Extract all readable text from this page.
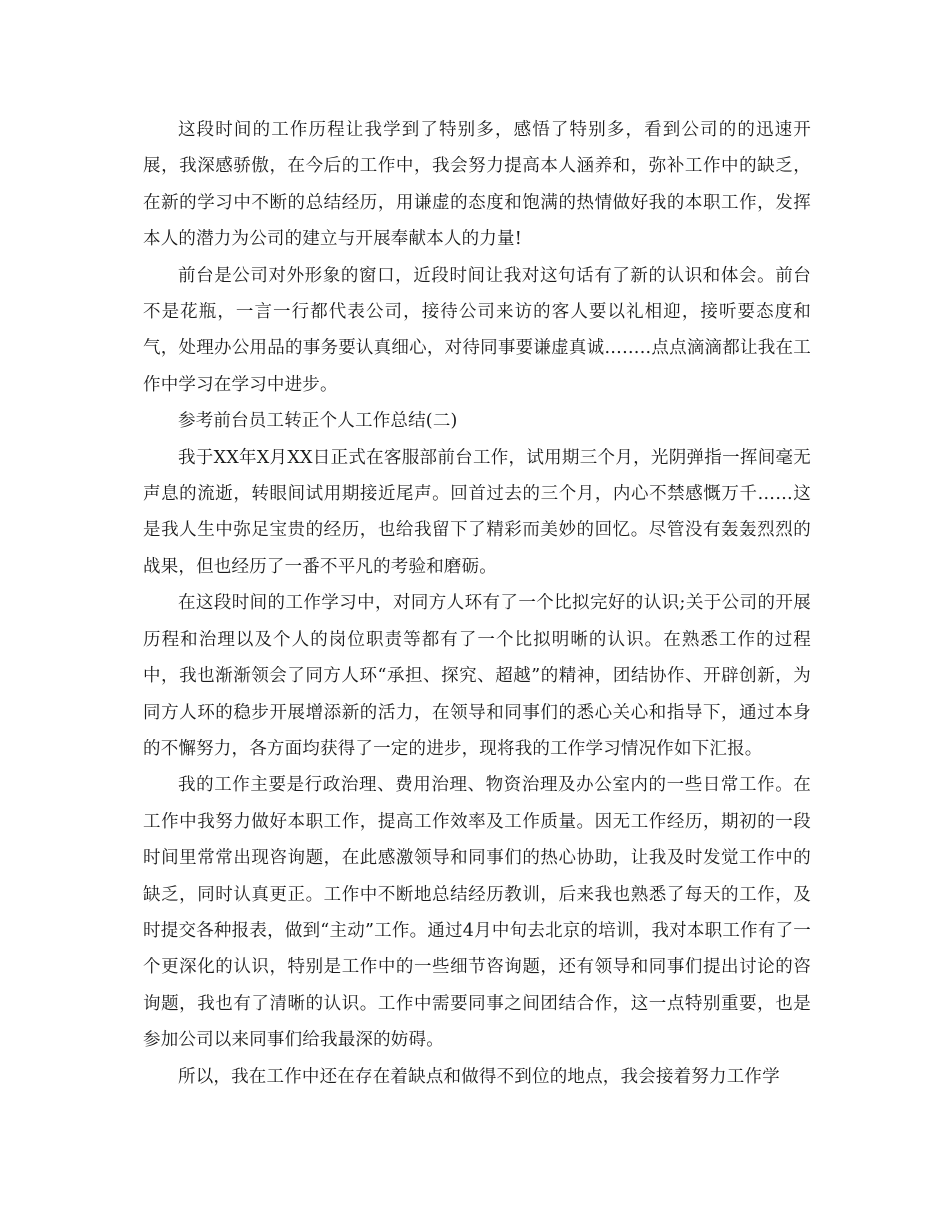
这段时间的工作历程让我学到了特别多，感悟了特别多，看到公司的的迅速开展，我深感骄傲，在今后的工作中，我会努力提高本人涵养和，弥补工作中的缺乏，在新的学习中不断的总结经历，用谦虚的态度和饱满的热情做好我的本职工作，发挥本人的潜力为公司的建立与开展奉献本人的力量!

前台是公司对外形象的窗口，近段时间让我对这句话有了新的认识和体会。前台不是花瓶，一言一行都代表公司，接待公司来访的客人要以礼相迎，接听要态度和气，处理办公用品的事务要认真细心，对待同事要谦虚真诚……..点点滴滴都让我在工作中学习在学习中进步。

参考前台员工转正个人工作总结(二)

我于XX年X月XX日正式在客服部前台工作，试用期三个月，光阴弹指一挥间毫无声息的流逝，转眼间试用期接近尾声。回首过去的三个月，内心不禁感慨万千……这是我人生中弥足宝贵的经历，也给我留下了精彩而美妙的回忆。尽管没有轰轰烈烈的战果，但也经历了一番不平凡的考验和磨砺。

在这段时间的工作学习中，对同方人环有了一个比拟完好的认识;关于公司的开展历程和治理以及个人的岗位职责等都有了一个比拟明晰的认识。在熟悉工作的过程中，我也渐渐领会了同方人环“承担、探究、超越”的精神，团结协作、开辟创新，为同方人环的稳步开展增添新的活力，在领导和同事们的悉心关心和指导下，通过本身的不懈努力，各方面均获得了一定的进步，现将我的工作学习情况作如下汇报。

我的工作主要是行政治理、费用治理、物资治理及办公室内的一些日常工作。在工作中我努力做好本职工作，提高工作效率及工作质量。因无工作经历，期初的一段时间里常常出现咨询题，在此感激领导和同事们的热心协助，让我及时发觉工作中的缺乏，同时认真更正。工作中不断地总结经历教训，后来我也熟悉了每天的工作，及时提交各种报表，做到“主动”工作。通过4月中旬去北京的培训，我对本职工作有了一个更深化的认识，特别是工作中的一些细节咨询题，还有领导和同事们提出讨论的咨询题，我也有了清晰的认识。工作中需要同事之间团结合作，这一点特别重要，也是参加公司以来同事们给我最深的妨碍。

所以，我在工作中还在存在着缺点和做得不到位的地点，我会接着努力工作学
